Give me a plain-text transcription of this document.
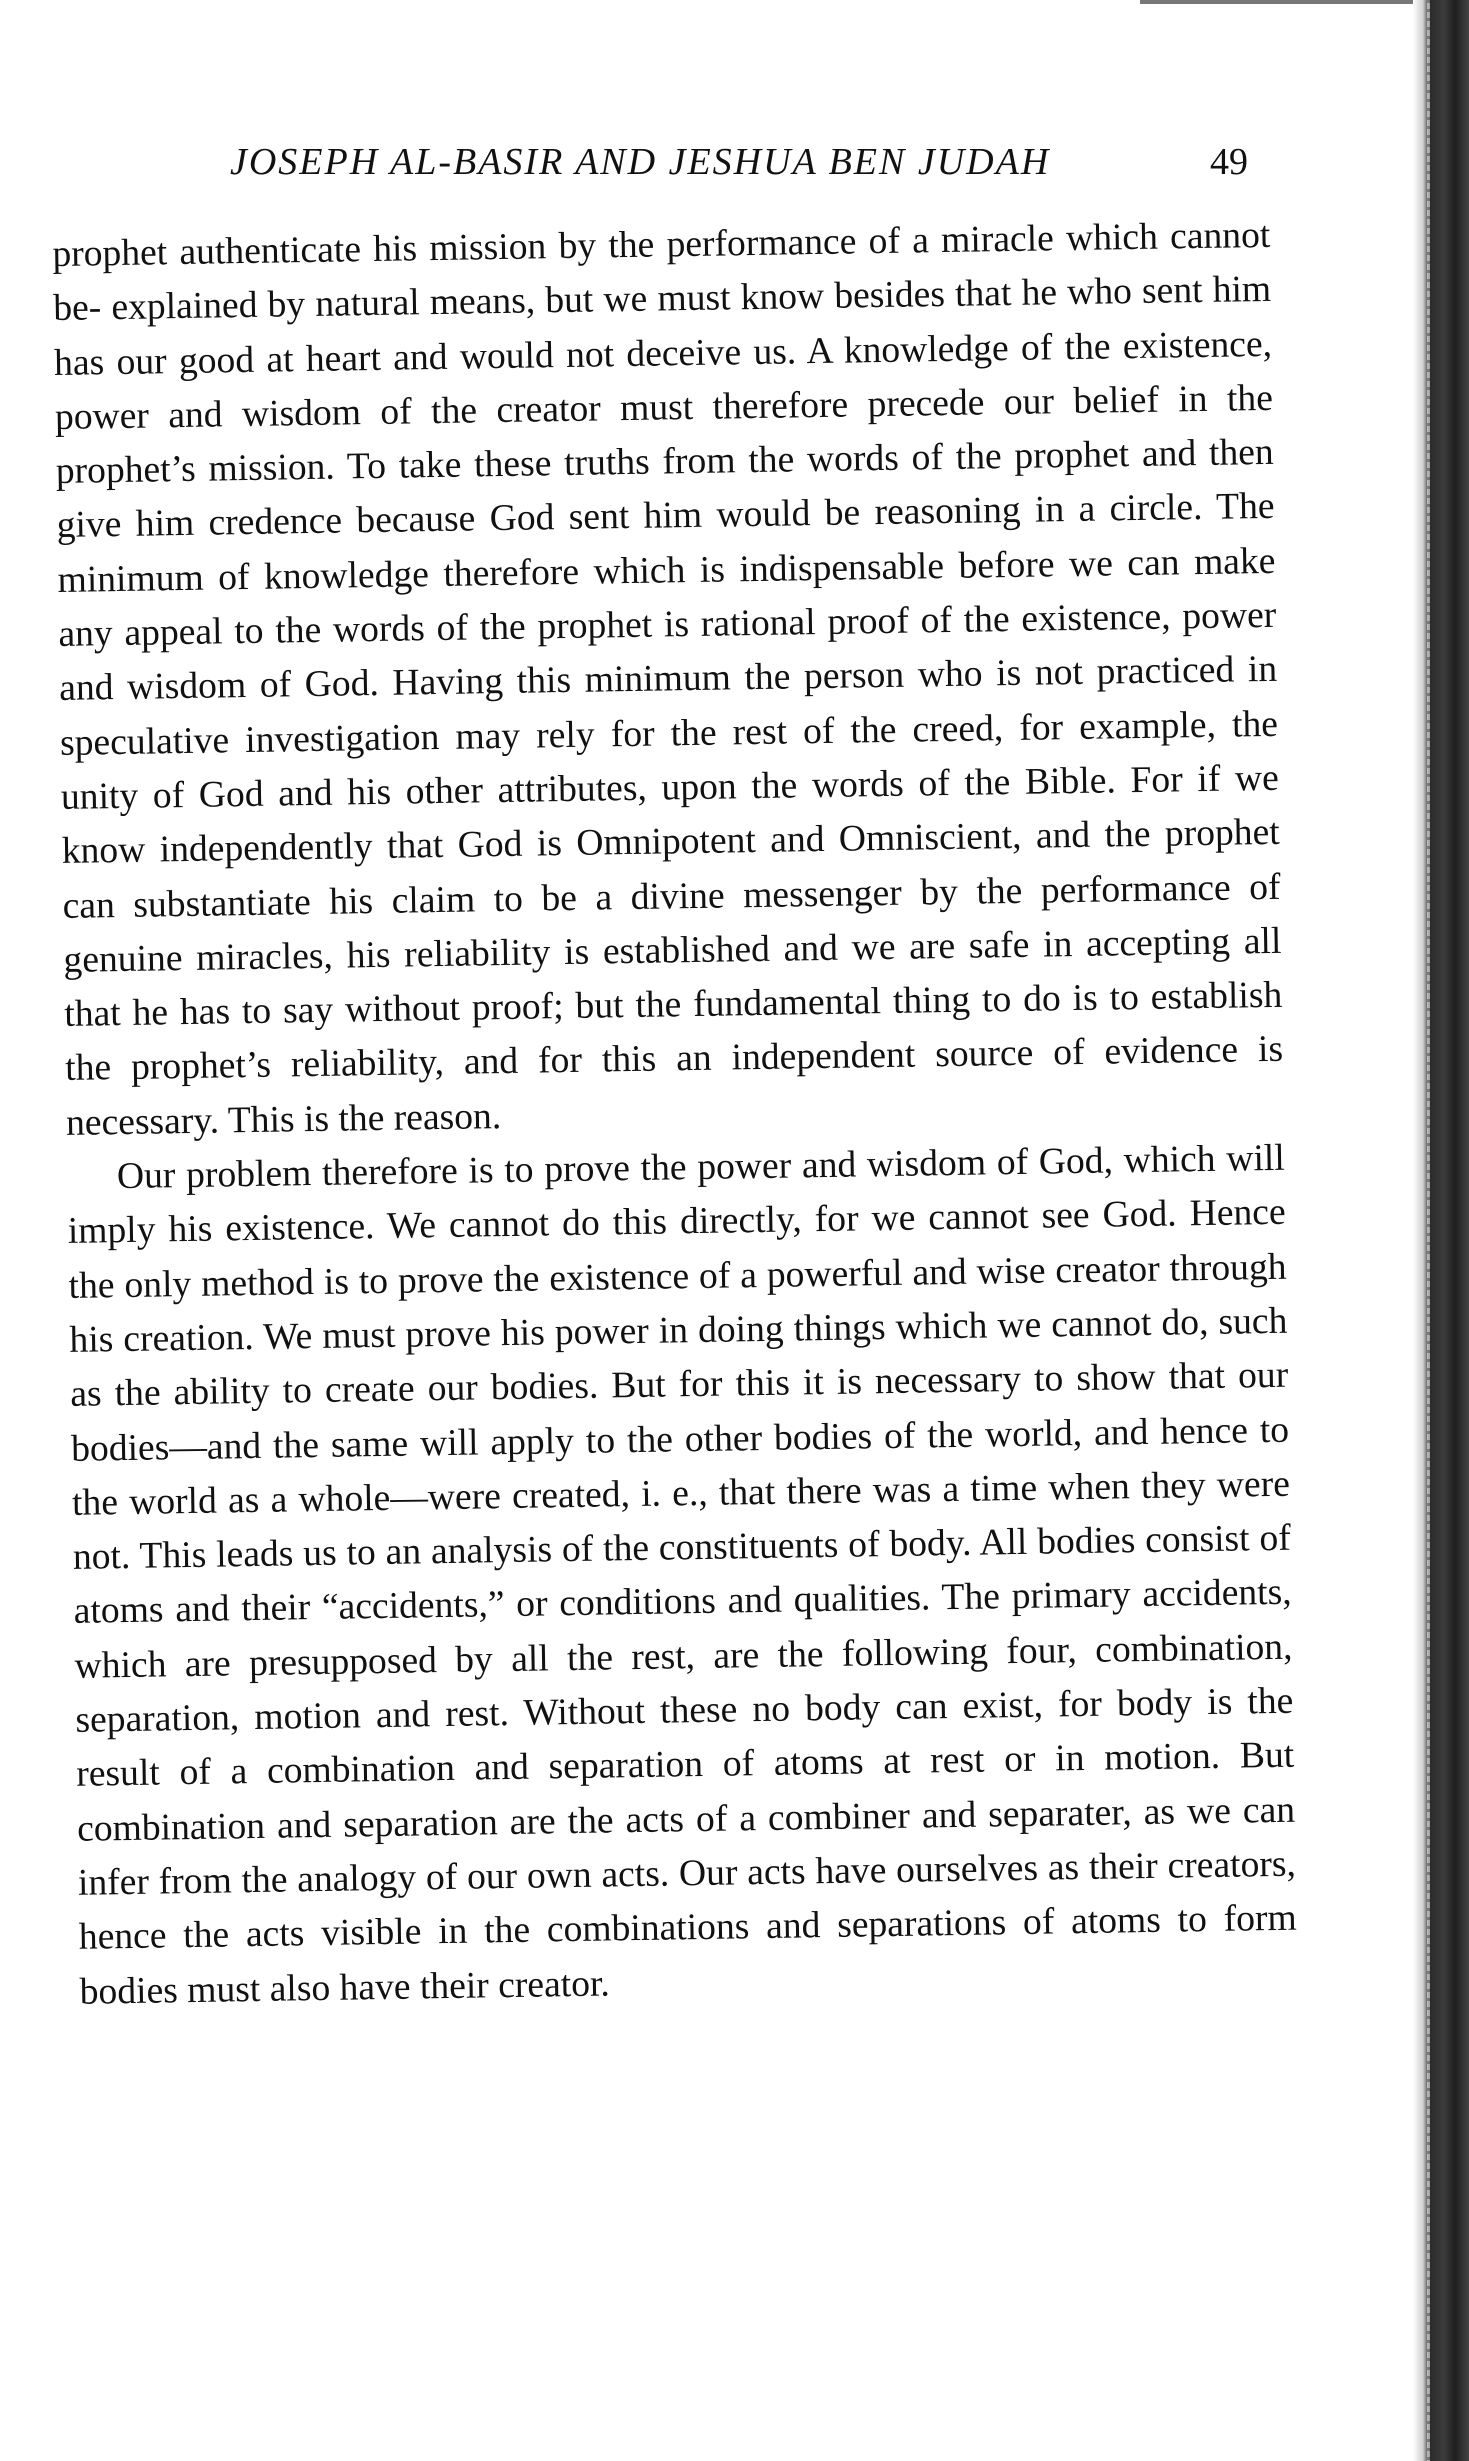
JOSEPH AL-BASIR AND JESHUA BEN JUDAH	49

prophet authenticate his mission by the performance of a miracle which cannot be- explained by natural means, but we must know besides that he who sent him has our good at heart and would not deceive us. A knowledge of the existence, power and wisdom of the creator must therefore precede our belief in the prophet’s mission. To take these truths from the words of the prophet and then give him credence because God sent him would be reasoning in a circle. The minimum of knowledge therefore which is indispensable before we can make any appeal to the words of the prophet is rational proof of the existence, power and wisdom of God. Having this minimum the person who is not practiced in speculative investigation may rely for the rest of the creed, for example, the unity of God and his other attributes, upon the words of the Bible. For if we know independently that God is Omnipotent and Omniscient, and the prophet can substantiate his claim to be a divine messenger by the performance of genuine miracles, his reliability is established and we are safe in accepting all that he has to say without proof; but the fundamental thing to do is to establish the prophet’s reliability, and for this an independent source of evidence is necessary. This is the reason.

Our problem therefore is to prove the power and wisdom of God, which will imply his existence. We cannot do this directly, for we cannot see God. Hence the only method is to prove the existence of a powerful and wise creator through his creation. We must prove his power in doing things which we cannot do, such as the ability to create our bodies. But for this it is necessary to show that our bodies—and the same will apply to the other bodies of the world, and hence to the world as a whole—were created, i. e., that there was a time when they were not. This leads us to an analysis of the constituents of body. All bodies consist of atoms and their “accidents,” or conditions and qualities. The primary accidents, which are presupposed by all the rest, are the following four, combination, separation, motion and rest. Without these no body can exist, for body is the result of a combination and separation of atoms at rest or in motion. But combination and separation are the acts of a combiner and separater, as we can infer from the analogy of our own acts. Our acts have ourselves as their creators, hence the acts visible in the combinations and separations of atoms to form bodies must also have their creator.
